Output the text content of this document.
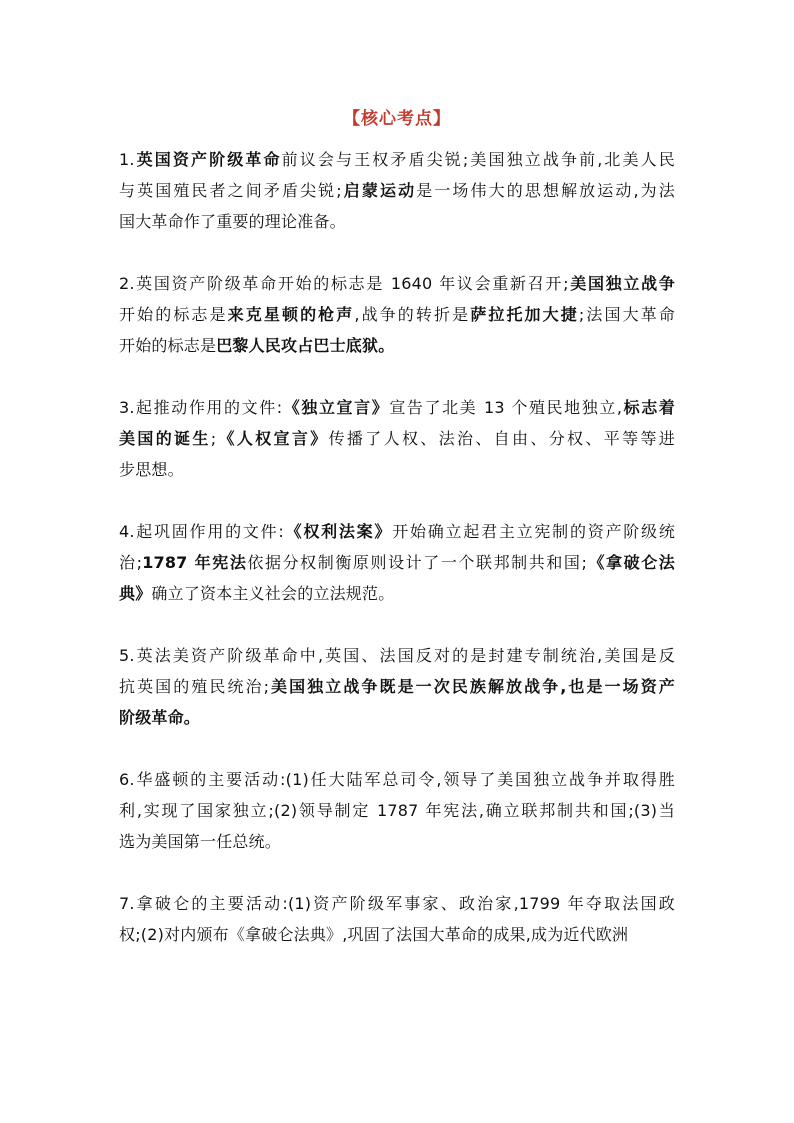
【核心考点】
1.英国资产阶级革命前议会与王权矛盾尖锐;美国独立战争前,北美人民
与英国殖民者之间矛盾尖锐;启蒙运动是一场伟大的思想解放运动,为法
国大革命作了重要的理论准备。
2.英国资产阶级革命开始的标志是 1640 年议会重新召开;美国独立战争
开始的标志是来克星顿的枪声,战争的转折是萨拉托加大捷;法国大革命
开始的标志是巴黎人民攻占巴士底狱。
3.起推动作用的文件:《独立宣言》宣告了北美 13 个殖民地独立,标志着
美国的诞生;《人权宣言》传播了人权、法治、自由、分权、平等等进
步思想。
4.起巩固作用的文件:《权利法案》开始确立起君主立宪制的资产阶级统
治;1787 年宪法依据分权制衡原则设计了一个联邦制共和国;《拿破仑法
典》确立了资本主义社会的立法规范。
5.英法美资产阶级革命中,英国、法国反对的是封建专制统治,美国是反
抗英国的殖民统治;美国独立战争既是一次民族解放战争,也是一场资产
阶级革命。
6.华盛顿的主要活动:(1)任大陆军总司令,领导了美国独立战争并取得胜
利,实现了国家独立;(2)领导制定 1787 年宪法,确立联邦制共和国;(3)当
选为美国第一任总统。
7.拿破仑的主要活动:(1)资产阶级军事家、政治家,1799 年夺取法国政
权;(2)对内颁布《拿破仑法典》,巩固了法国大革命的成果,成为近代欧洲
